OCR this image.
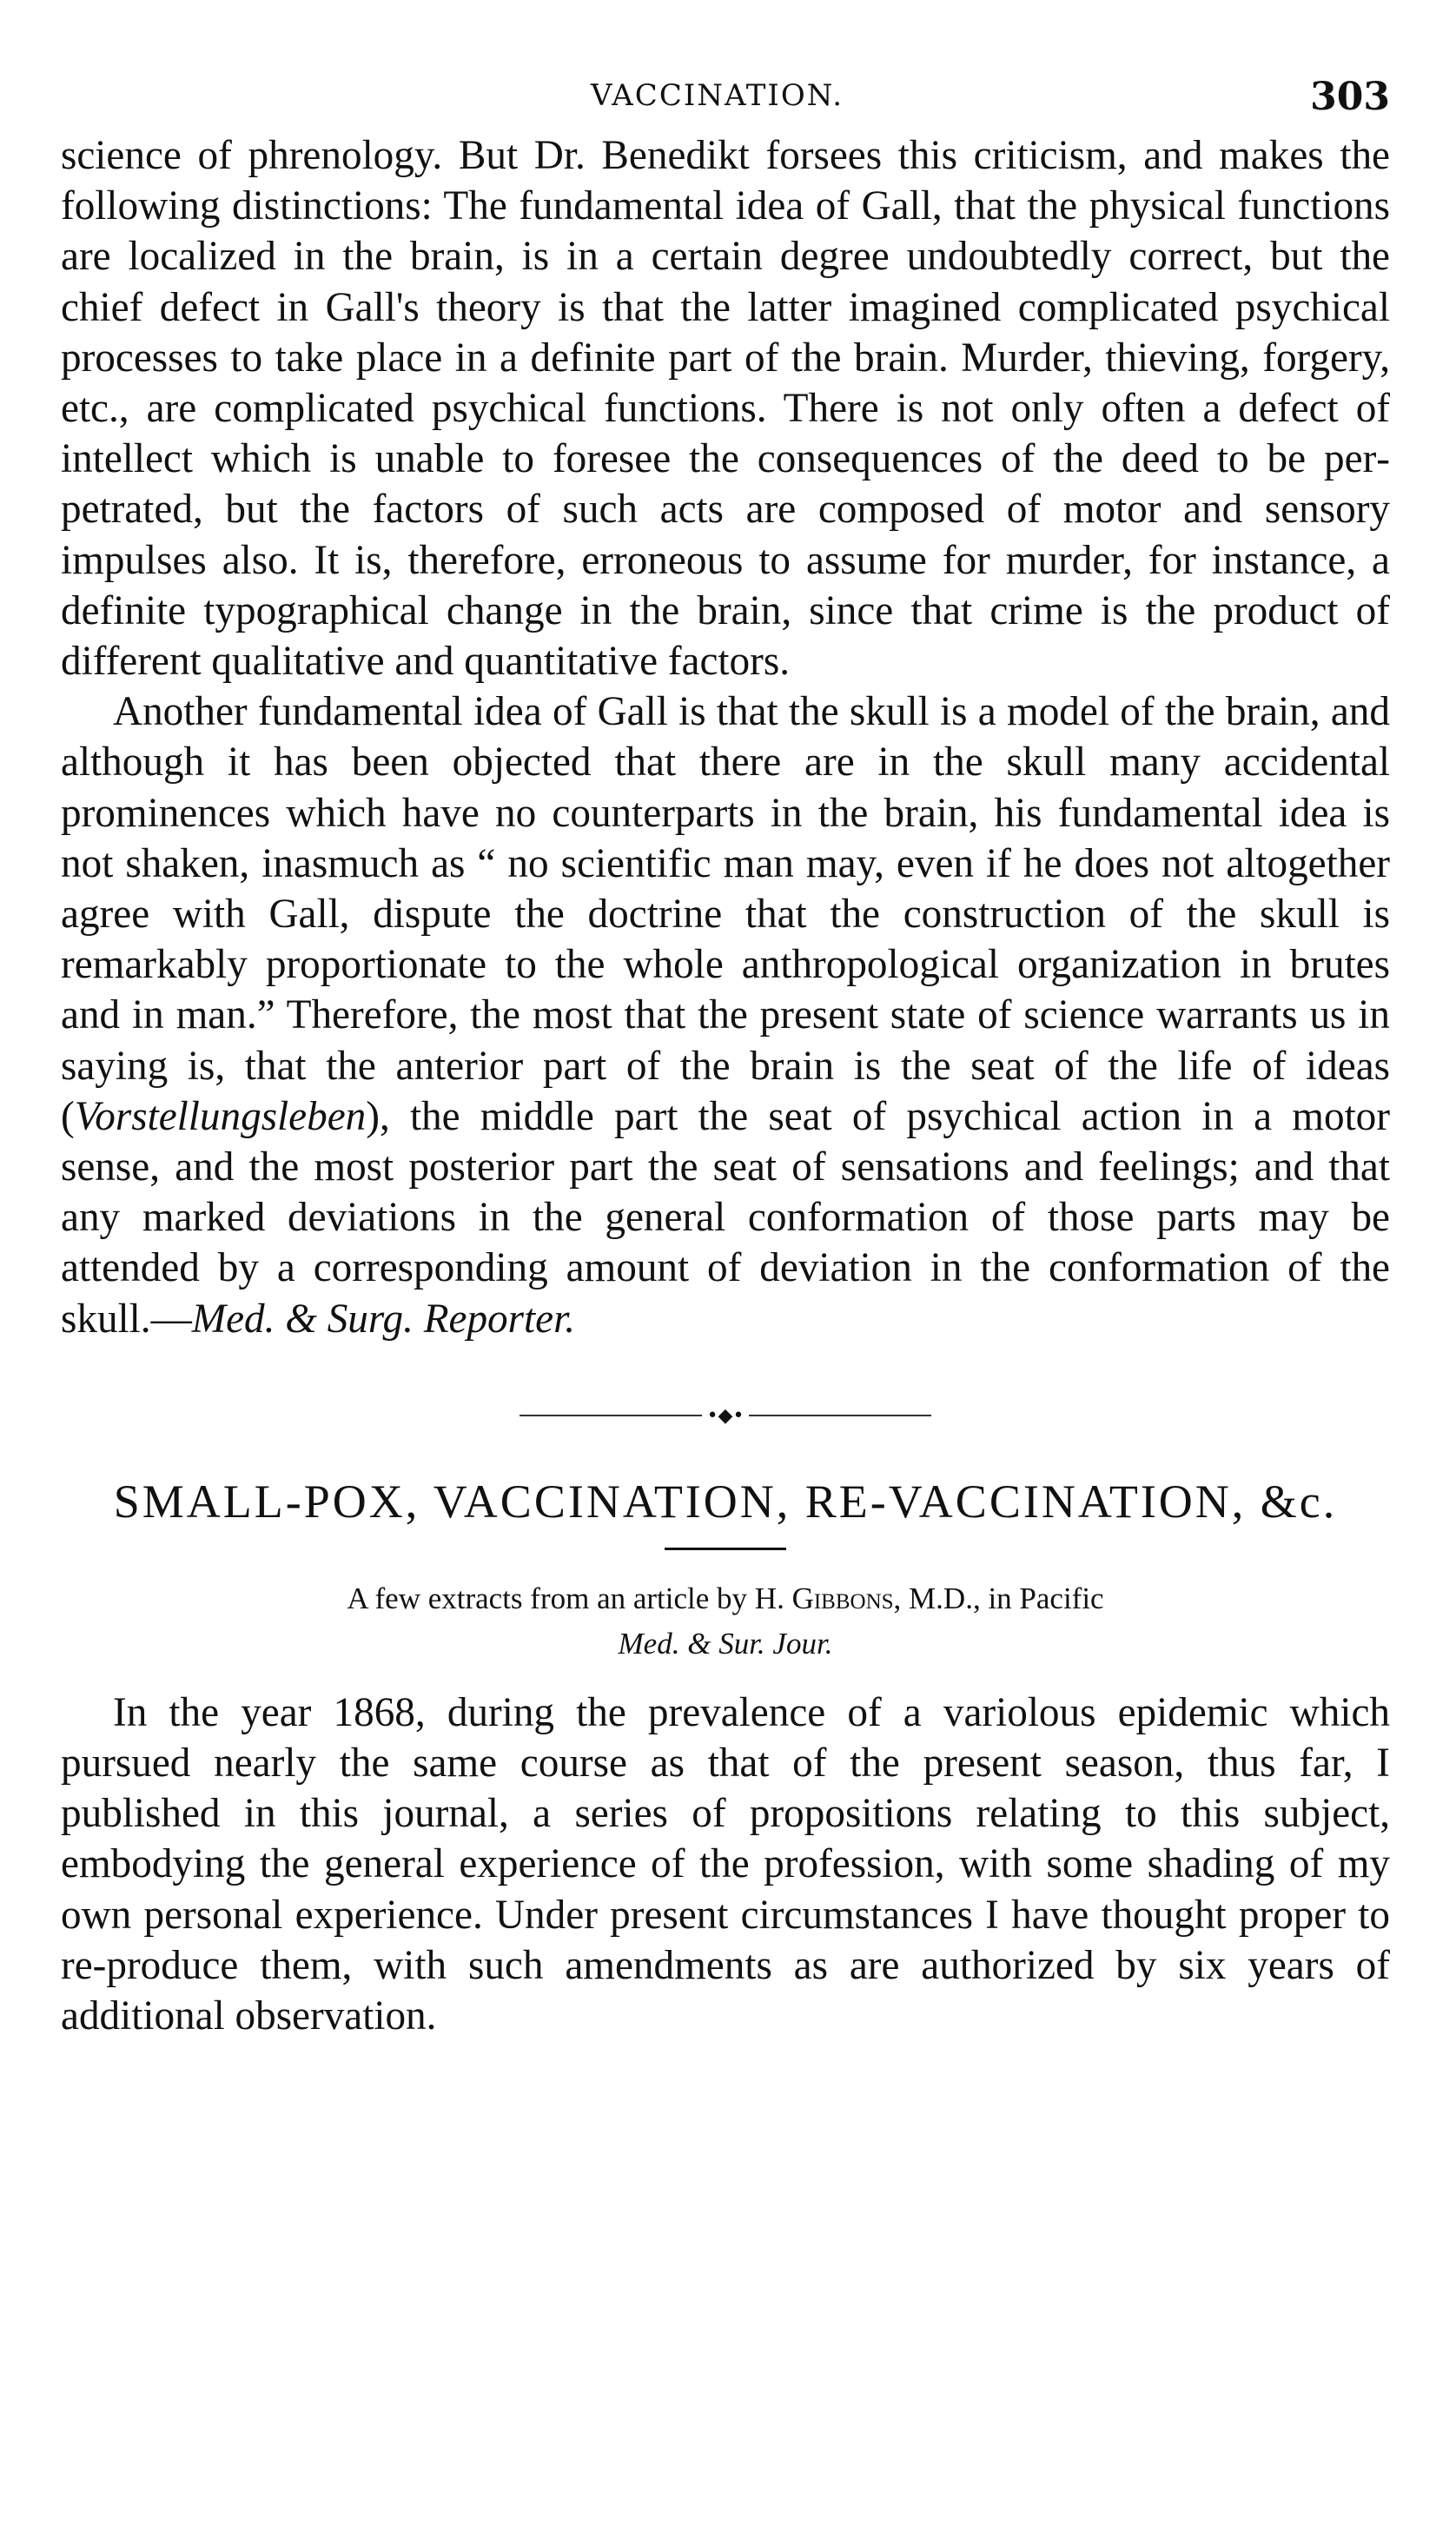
VACCINATION.	303

science of phrenology. But Dr. Benedikt forsees this criticism, and makes the following distinctions: The fundamental idea of Gall, that the physical functions are localized in the brain, is in a certain degree undoubtedly correct, but the chief defect in Gall's theory is that the latter imagined complicated psychical processes to take place in a definite part of the brain. Murder, thieving, forgery, etc., are complicated psychical functions. There is not only often a defect of intellect which is unable to foresee the consequences of the deed to be perpetrated, but the factors of such acts are composed of motor and sensory impulses also. It is, therefore, erroneous to assume for murder, for instance, a definite typographical change in the brain, since that crime is the product of different qualitative and quantitative factors.

Another fundamental idea of Gall is that the skull is a model of the brain, and although it has been objected that there are in the skull many accidental prominences which have no counterparts in the brain, his fundamental idea is not shaken, inasmuch as “ no scientific man may, even if he does not altogether agree with Gall, dispute the doctrine that the construction of the skull is remarkably proportionate to the whole anthropological organization in brutes and in man.” Therefore, the most that the present state of science warrants us in saying is, that the anterior part of the brain is the seat of the life of ideas (Vorstellungsleben), the middle part the seat of psychical action in a motor sense, and the most posterior part the seat of sensations and feelings; and that any marked deviations in the general conformation of those parts may be attended by a corresponding amount of deviation in the conformation of the skull.—Med. & Surg. Reporter.

•◆•
SMALL-POX, VACCINATION, RE-VACCINATION, &c.
A few extracts from an article by H. Gibbons, M.D., in Pacific
Med. & Sur. Jour.

In the year 1868, during the prevalence of a variolous epidemic which pursued nearly the same course as that of the present season, thus far, I published in this journal, a series of propositions relating to this subject, embodying the general experience of the profession, with some shading of my own personal experience. Under present circumstances I have thought proper to re-produce them, with such amendments as are authorized by six years of additional observation.
